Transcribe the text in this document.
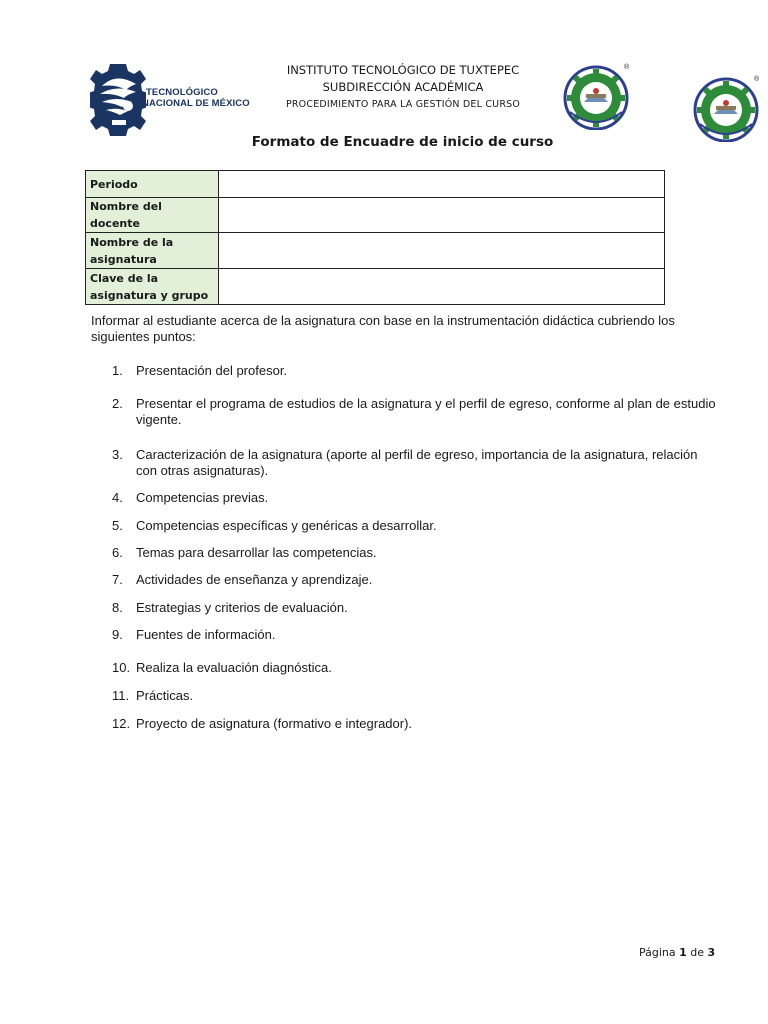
TECNOLÓGICO
NACIONAL DE MÉXICO
INSTITUTO TECNOLÓGICO DE TUXTEPEC
SUBDIRECCIÓN ACADÉMICA
PROCEDIMIENTO PARA LA GESTIÓN DEL CURSO
®
®
Formato de Encuadre de inicio de curso
Periodo	
Nombre del docente	
Nombre de la asignatura	
Clave de la asignatura y grupo	
Informar al estudiante acerca de la asignatura con base en la instrumentación didáctica cubriendo los siguientes puntos:
1. Presentación del profesor.
2. Presentar el programa de estudios de la asignatura y el perfil de egreso, conforme al plan de estudio vigente.
3. Caracterización de la asignatura (aporte al perfil de egreso, importancia de la asignatura, relación con otras asignaturas).
4. Competencias previas.
5. Competencias específicas y genéricas a desarrollar.
6. Temas para desarrollar las competencias.
7. Actividades de enseñanza y aprendizaje.
8. Estrategias y criterios de evaluación.
9. Fuentes de información.
10. Realiza la evaluación diagnóstica.
11. Prácticas.
12. Proyecto de asignatura (formativo e integrador).
Página 1 de 3
